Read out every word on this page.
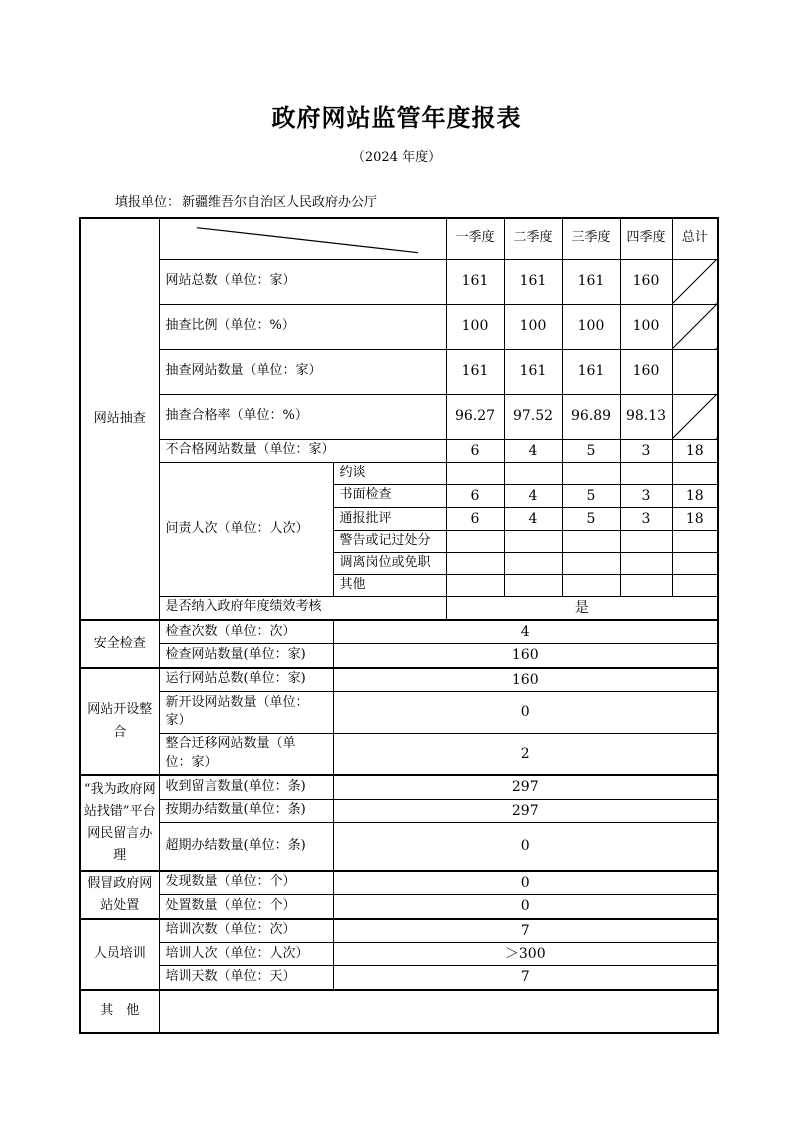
政府网站监管年度报表
（2024 年度）
填报单位： 新疆维吾尔自治区人民政府办公厅
网站抽查			一季度	二季度	三季度	四季度	总计
	网站总数（单位：家）		161	161	161	160	
	抽查比例（单位：%）		100	100	100	100	
	抽查网站数量（单位：家）		161	161	161	160	
	抽查合格率（单位：%）		96.27	97.52	96.89	98.13	
	不合格网站数量（单位：家）		6	4	5	3	18
	问责人次（单位：人次）	约谈					
		书面检查	6	4	5	3	18
		通报批评	6	4	5	3	18
		警告或记过处分					
		调离岗位或免职					
		其他					
	是否纳入政府年度绩效考核		是				
安全检查	检查次数（单位：次）	4					
	检查网站数量(单位：家)	160					
网站开设整合	运行网站总数(单位：家)	160					
	新开设网站数量（单位：家）	0					
	整合迁移网站数量（单位：家）	2					
“我为政府网站找错”平台网民留言办理	收到留言数量(单位：条)	297					
	按期办结数量(单位：条)	297					
	超期办结数量(单位：条)	0					
假冒政府网站处置	发现数量（单位：个）	0					
	处置数量（单位：个）	0					
人员培训	培训次数（单位：次）	7					
	培训人次（单位：人次）	＞300					
	培训天数（单位：天）	7					
其　他							
